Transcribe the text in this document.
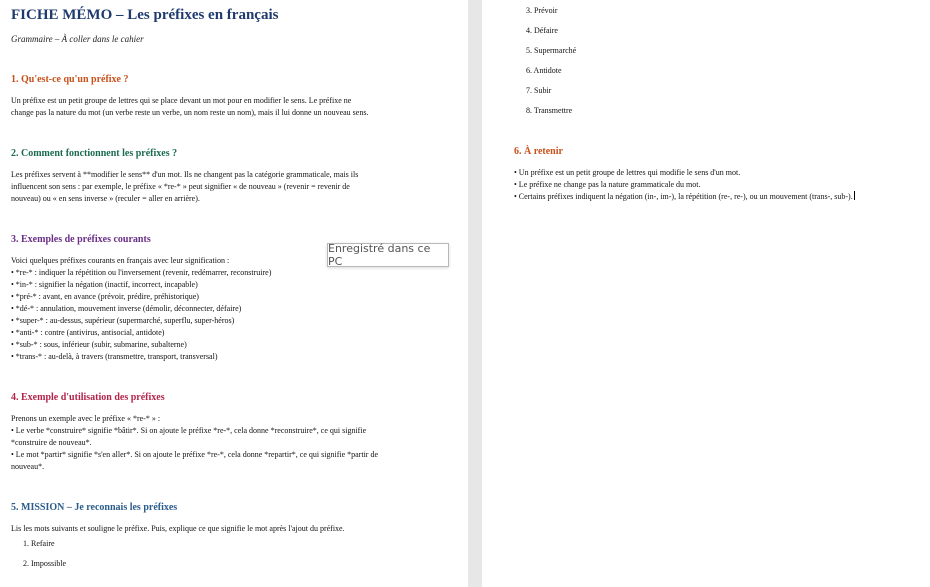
FICHE MÉMO – Les préfixes en français
Grammaire – À coller dans le cahier
1. Qu'est-ce qu'un préfixe ?
Un préfixe est un petit groupe de lettres qui se place devant un mot pour en modifier le sens. Le préfixe ne
change pas la nature du mot (un verbe reste un verbe, un nom reste un nom), mais il lui donne un nouveau sens.
2. Comment fonctionnent les préfixes ?
Les préfixes servent à **modifier le sens** d'un mot. Ils ne changent pas la catégorie grammaticale, mais ils
influencent son sens : par exemple, le préfixe « *re-* » peut signifier « de nouveau » (revenir = revenir de
nouveau) ou « en sens inverse » (reculer = aller en arrière).
3. Exemples de préfixes courants
Voici quelques préfixes courants en français avec leur signification :
• *re-* : indiquer la répétition ou l'inversement (revenir, redémarrer, reconstruire)
• *in-* : signifier la négation (inactif, incorrect, incapable)
• *pré-* : avant, en avance (prévoir, prédire, préhistorique)
• *dé-* : annulation, mouvement inverse (démolir, déconnecter, défaire)
• *super-* : au-dessus, supérieur (supermarché, superflu, super-héros)
• *anti-* : contre (antivirus, antisocial, antidote)
• *sub-* : sous, inférieur (subir, submarine, subalterne)
• *trans-* : au-delà, à travers (transmettre, transport, transversal)
4. Exemple d'utilisation des préfixes
Prenons un exemple avec le préfixe « *re-* » :
• Le verbe *construire* signifie *bâtir*. Si on ajoute le préfixe *re-*, cela donne *reconstruire*, ce qui signifie
*construire de nouveau*.
• Le mot *partir* signifie *s'en aller*. Si on ajoute le préfixe *re-*, cela donne *repartir*, ce qui signifie *partir de
nouveau*.
5. MISSION – Je reconnais les préfixes
Lis les mots suivants et souligne le préfixe. Puis, explique ce que signifie le mot après l'ajout du préfixe.
1. Refaire
2. Impossible
Enregistré dans ce PC
3. Prévoir
4. Défaire
5. Supermarché
6. Antidote
7. Subir
8. Transmettre
6. À retenir
• Un préfixe est un petit groupe de lettres qui modifie le sens d'un mot.
• Le préfixe ne change pas la nature grammaticale du mot.
• Certains préfixes indiquent la négation (in-, im-), la répétition (re-, re-), ou un mouvement (trans-, sub-).
